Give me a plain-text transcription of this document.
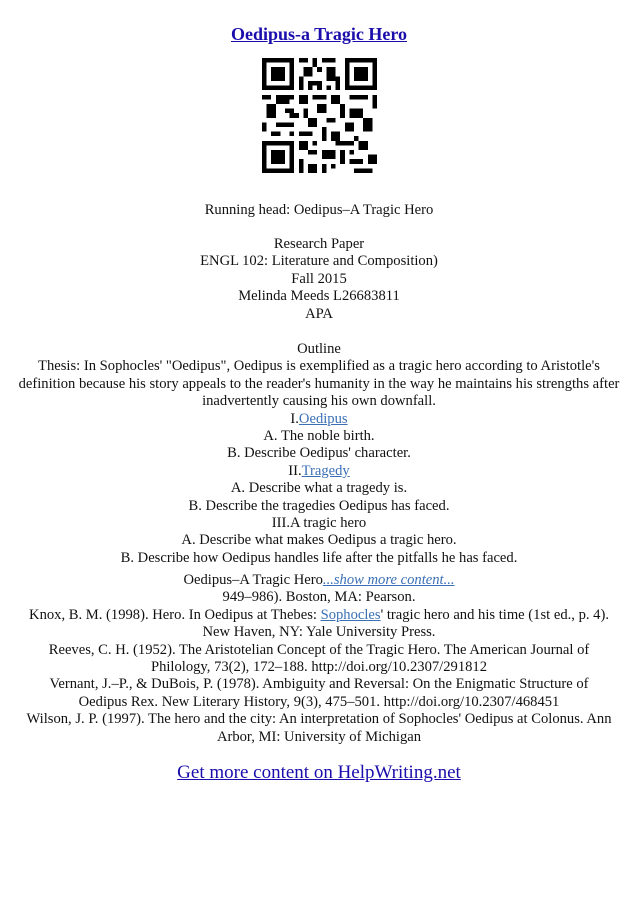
Oedipus-a Tragic Hero
Running head: Oedipus–A Tragic Hero
Research Paper
ENGL 102: Literature and Composition)
Fall 2015
Melinda Meeds L26683811
APA
Outline
Thesis: In Sophocles' "Oedipus", Oedipus is exemplified as a tragic hero according to Aristotle's definition because his story appeals to the reader's humanity in the way he maintains his strengths after inadvertently causing his own downfall.
I.Oedipus
A. The noble birth.
B. Describe Oedipus' character.
II.Tragedy
A. Describe what a tragedy is.
B. Describe the tragedies Oedipus has faced.
III.A tragic hero
A. Describe what makes Oedipus a tragic hero.
B. Describe how Oedipus handles life after the pitfalls he has faced.
Oedipus–A Tragic Hero...show more content...
949–986). Boston, MA: Pearson.
Knox, B. M. (1998). Hero. In Oedipus at Thebes: Sophocles' tragic hero and his time (1st ed., p. 4).
New Haven, NY: Yale University Press.
Reeves, C. H. (1952). The Aristotelian Concept of the Tragic Hero. The American Journal of Philology, 73(2), 172–188. http://doi.org/10.2307/291812
Vernant, J.–P., & DuBois, P. (1978). Ambiguity and Reversal: On the Enigmatic Structure of Oedipus Rex. New Literary History, 9(3), 475–501. http://doi.org/10.2307/468451
Wilson, J. P. (1997). The hero and the city: An interpretation of Sophocles' Oedipus at Colonus. Ann Arbor, MI: University of Michigan
Get more content on HelpWriting.net
